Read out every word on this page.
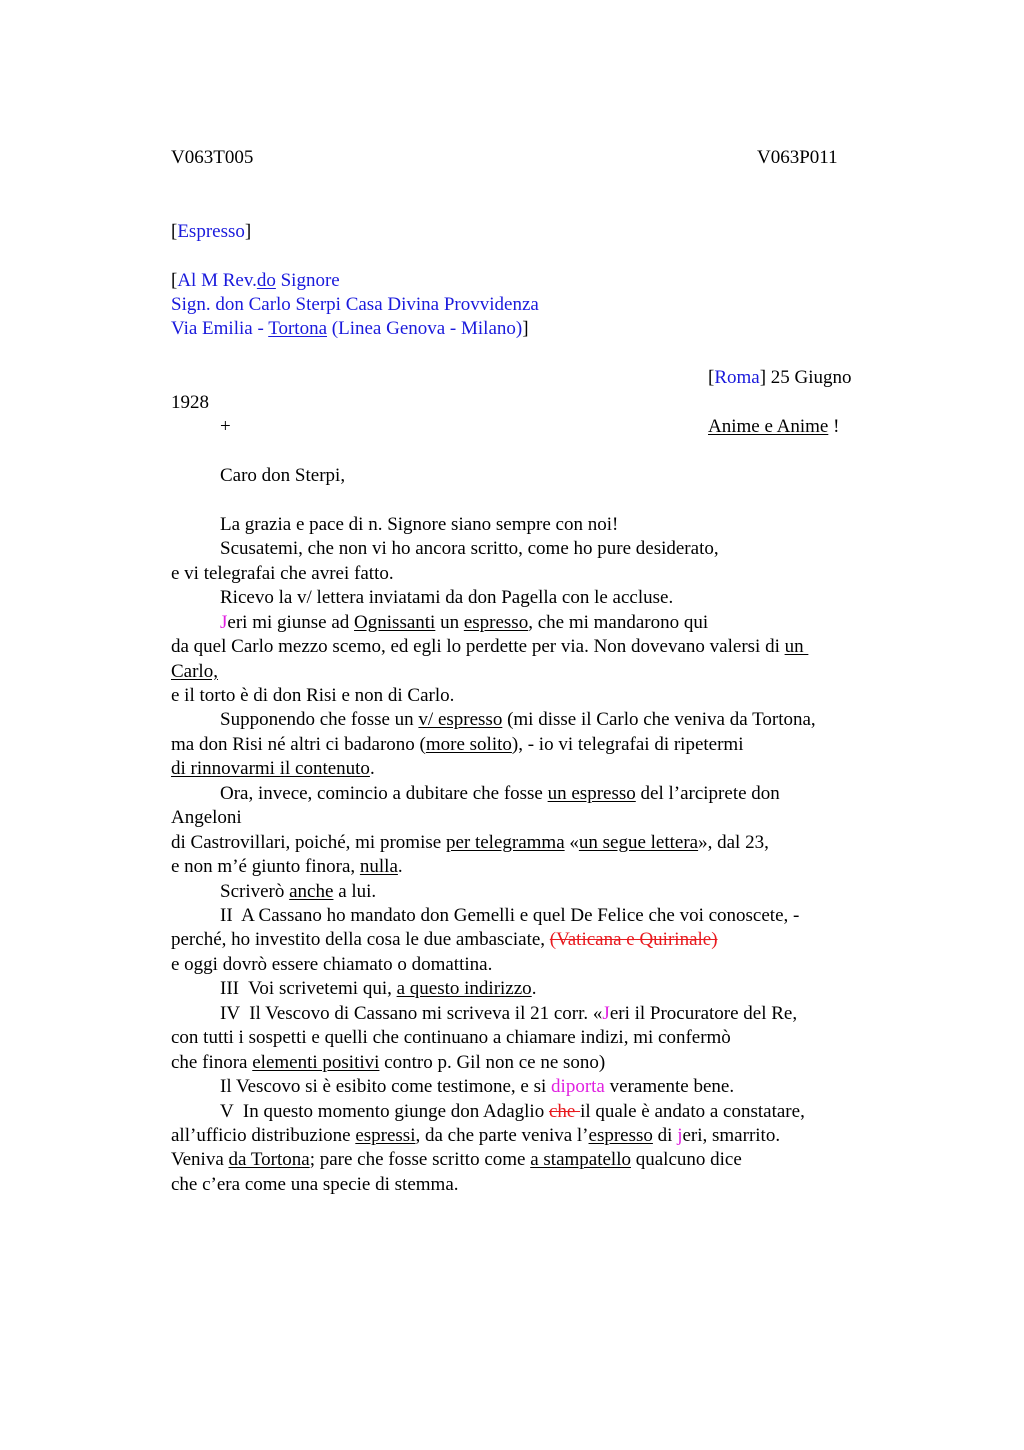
V063T005	V063P011
[Espresso]
[Al M Rev.do Signore
Sign. don Carlo Sterpi Casa Divina Provvidenza
Via Emilia - Tortona (Linea Genova - Milano)]
[Roma] 25 Giugno
1928
+	Anime e Anime !
Caro don Sterpi,
La grazia e pace di n. Signore siano sempre con noi!
Scusatemi, che non vi ho ancora scritto, come ho pure desiderato,
e vi telegrafai che avrei fatto.
Ricevo la v/ lettera inviatami da don Pagella con le accluse.
Jeri mi giunse ad Ognissanti un espresso, che mi mandarono qui
da quel Carlo mezzo scemo, ed egli lo perdette per via. Non dovevano valersi di un
Carlo,
e il torto è di don Risi e non di Carlo.
Supponendo che fosse un v/ espresso (mi disse il Carlo che veniva da Tortona,
ma don Risi né altri ci badarono (more solito), - io vi telegrafai di ripetermi
di rinnovarmi il contenuto.
Ora, invece, comincio a dubitare che fosse un espresso del l’arciprete don
Angeloni
di Castrovillari, poiché, mi promise per telegramma «un segue lettera», dal 23,
e non m’é giunto finora, nulla.
Scriverò anche a lui.
II  A Cassano ho mandato don Gemelli e quel De Felice che voi conoscete, -
perché, ho investito della cosa le due ambasciate, (Vaticana e Quirinale)
e oggi dovrò essere chiamato o domattina.
III  Voi scrivetemi qui, a questo indirizzo.
IV  Il Vescovo di Cassano mi scriveva il 21 corr. «Jeri il Procuratore del Re,
con tutti i sospetti e quelli che continuano a chiamare indizi, mi confermò
che finora elementi positivi contro p. Gil non ce ne sono)
Il Vescovo si è esibito come testimone, e si diporta veramente bene.
V  In questo momento giunge don Adaglio che il quale è andato a constatare,
all’ufficio distribuzione espressi, da che parte veniva l’espresso di jeri, smarrito.
Veniva da Tortona; pare che fosse scritto come a stampatello qualcuno dice
che c’era come una specie di stemma.
